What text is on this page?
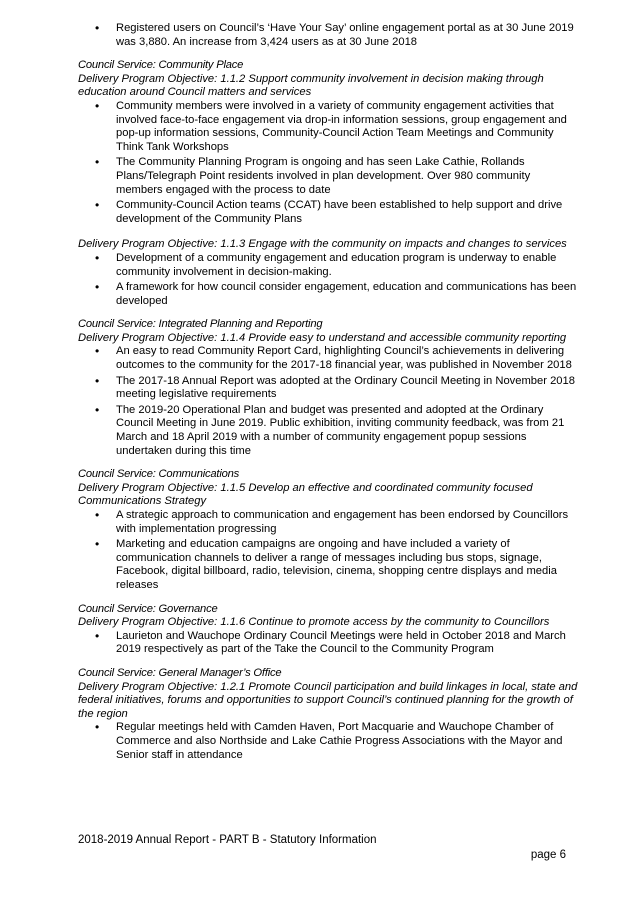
• Registered users on Council’s ‘Have Your Say’ online engagement portal as at 30 June 2019 was 3,880. An increase from 3,424 users as at 30 June 2018
Council Service: Community Place
Delivery Program Objective: 1.1.2 Support community involvement in decision making through education around Council matters and services
• Community members were involved in a variety of community engagement activities that involved face-to-face engagement via drop-in information sessions, group engagement and pop-up information sessions, Community-Council Action Team Meetings and Community Think Tank Workshops
• The Community Planning Program is ongoing and has seen Lake Cathie, Rollands Plans/Telegraph Point residents involved in plan development. Over 980 community members engaged with the process to date
• Community-Council Action teams (CCAT) have been established to help support and drive development of the Community Plans
Delivery Program Objective: 1.1.3 Engage with the community on impacts and changes to services
• Development of a community engagement and education program is underway to enable community involvement in decision-making.
• A framework for how council consider engagement, education and communications has been developed
Council Service: Integrated Planning and Reporting
Delivery Program Objective: 1.1.4 Provide easy to understand and accessible community reporting
• An easy to read Community Report Card, highlighting Council’s achievements in delivering outcomes to the community for the 2017-18 financial year, was published in November 2018
• The 2017-18 Annual Report was adopted at the Ordinary Council Meeting in November 2018 meeting legislative requirements
• The 2019-20 Operational Plan and budget was presented and adopted at the Ordinary Council Meeting in June 2019. Public exhibition, inviting community feedback, was from 21 March and 18 April 2019 with a number of community engagement popup sessions undertaken during this time
Council Service: Communications
Delivery Program Objective: 1.1.5 Develop an effective and coordinated community focused Communications Strategy
• A strategic approach to communication and engagement has been endorsed by Councillors with implementation progressing
• Marketing and education campaigns are ongoing and have included a variety of communication channels to deliver a range of messages including bus stops, signage, Facebook, digital billboard, radio, television, cinema, shopping centre displays and media releases
Council Service: Governance
Delivery Program Objective: 1.1.6 Continue to promote access by the community to Councillors
• Laurieton and Wauchope Ordinary Council Meetings were held in October 2018 and March 2019 respectively as part of the Take the Council to the Community Program
Council Service: General Manager’s Office
Delivery Program Objective: 1.2.1 Promote Council participation and build linkages in local, state and federal initiatives, forums and opportunities to support Council’s continued planning for the growth of the region
• Regular meetings held with Camden Haven, Port Macquarie and Wauchope Chamber of Commerce and also Northside and Lake Cathie Progress Associations with the Mayor and Senior staff in attendance
2018-2019 Annual Report - PART B - Statutory Information
page 6
